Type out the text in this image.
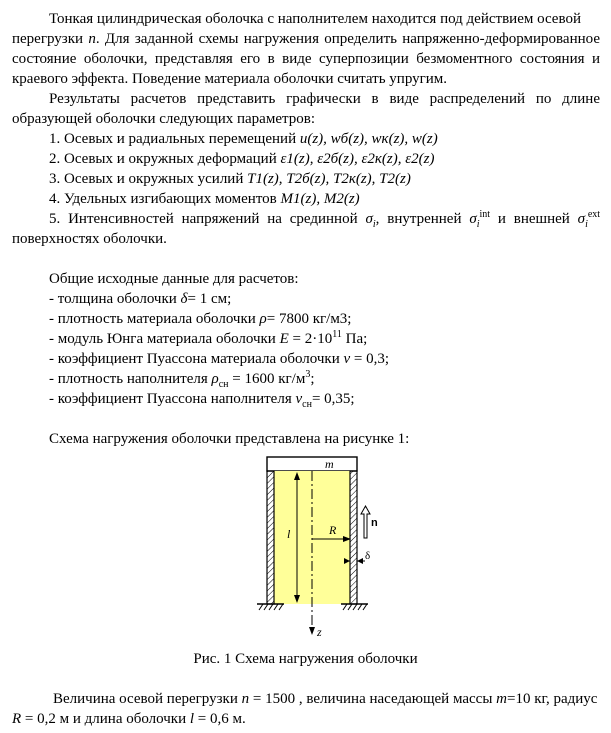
Тонкая цилиндрическая оболочка с наполнителем находится под действием осевой
перегрузки n. Для заданной схемы нагружения определить напряженно-деформированное
состояние оболочки, представляя его в виде суперпозиции безмоментного состояния и
краевого эффекта. Поведение материала оболочки считать упругим.
Результаты расчетов представить графически в виде распределений по длине
образующей оболочки следующих параметров:
1. Осевых и радиальных перемещений u(z), wб(z), wк(z), w(z)
2. Осевых и окружных деформаций ε1(z), ε2б(z), ε2к(z), ε2(z)
3. Осевых и окружных усилий T1(z), T2б(z), T2к(z), T2(z)
4. Удельных изгибающих моментов M1(z), M2(z)
5. Интенсивностей напряжений на срединной $\sigma_i$, внутренней $\sigma_i^{int}$ и внешней $\sigma_i^{ext}$
поверхностях оболочки.
Общие исходные данные для расчетов:
- толщина оболочки δ= 1 см;
- плотность материала оболочки ρ= 7800 кг/м3;
- модуль Юнга материала оболочки $E = 2\cdot 10^{11}$ Па;
- коэффициент Пуассона материала оболочки ν = 0,3;
- плотность наполнителя $\rho_{сн} = 1600$ $кг/м^3$;
- коэффициент Пуассона наполнителя $\nu_{сн}= 0,35$;
Схема нагружения оболочки представлена на рисунке 1:
m
z
l	R	n
δ
Рис. 1 Схема нагружения оболочки
Величина осевой перегрузки n = 1500 , величина наседающей массы m=10 кг, радиус
R = 0,2 м и длина оболочки l = 0,6 м.
